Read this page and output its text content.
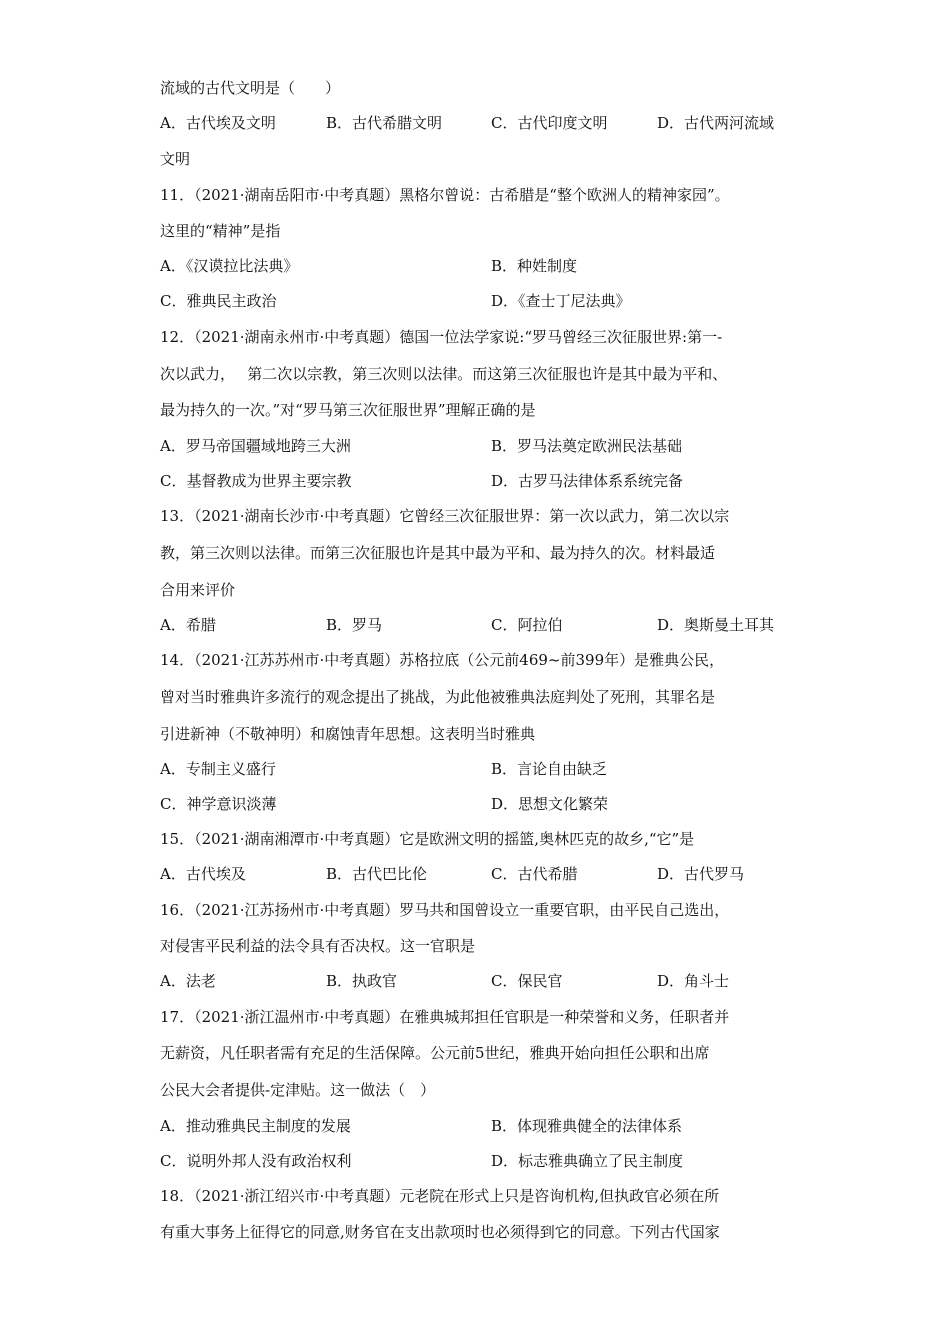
流域的古代文明是（　　）
A．古代埃及文明	B．古代希腊文明	C．古代印度文明	D．古代两河流域
文明
11．（2021·湖南岳阳市·中考真题）黑格尔曾说：古希腊是“整个欧洲人的精神家园”。
这里的“精神”是指
A．《汉谟拉比法典》	B．种姓制度
C．雅典民主政治	D．《查士丁尼法典》
12．（2021·湖南永州市·中考真题）德国一位法学家说:“罗马曾经三次征服世界:第一-
次以武力，　 第二次以宗教，第三次则以法律。而这第三次征服也许是其中最为平和、
最为持久的一次。”对“罗马第三次征服世界”理解正确的是
A．罗马帝国疆域地跨三大洲	B．罗马法奠定欧洲民法基础
C．基督教成为世界主要宗教	D．古罗马法律体系系统完备
13．（2021·湖南长沙市·中考真题）它曾经三次征服世界：第一次以武力，第二次以宗
教，第三次则以法律。而第三次征服也许是其中最为平和、最为持久的次。材料最适
合用来评价
A．希腊	B．罗马	C．阿拉伯	D．奥斯曼土耳其
14．（2021·江苏苏州市·中考真题）苏格拉底（公元前469~前399年）是雅典公民，
曾对当时雅典许多流行的观念提出了挑战，为此他被雅典法庭判处了死刑，其罪名是
引进新神（不敬神明）和腐蚀青年思想。这表明当时雅典
A．专制主义盛行	B．言论自由缺乏
C．神学意识淡薄	D．思想文化繁荣
15．（2021·湖南湘潭市·中考真题）它是欧洲文明的摇篮,奥林匹克的故乡,“它”是
A．古代埃及	B．古代巴比伦	C．古代希腊	D．古代罗马
16．（2021·江苏扬州市·中考真题）罗马共和国曾设立一重要官职，由平民自己选出，
对侵害平民利益的法令具有否决权。这一官职是
A．法老	B．执政官	C．保民官	D．角斗士
17．（2021·浙江温州市·中考真题）在雅典城邦担任官职是一种荣誉和义务，任职者并
无薪资，凡任职者需有充足的生活保障。公元前5世纪，雅典开始向担任公职和出席
公民大会者提供-定津贴。这一做法（　）
A．推动雅典民主制度的发展	B．体现雅典健全的法律体系
C．说明外邦人没有政治权利	D．标志雅典确立了民主制度
18．（2021·浙江绍兴市·中考真题）元老院在形式上只是咨询机构,但执政官必须在所
有重大事务上征得它的同意,财务官在支出款项时也必须得到它的同意。下列古代国家
